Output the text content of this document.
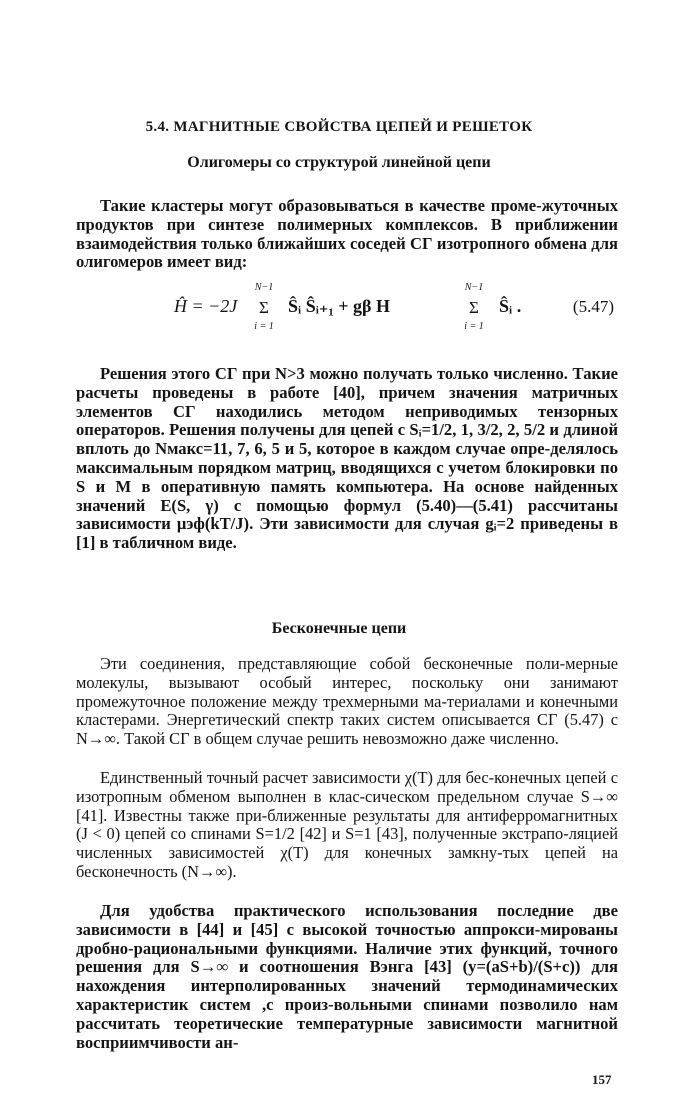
5.4. МАГНИТНЫЕ СВОЙСТВА ЦЕПЕЙ И РЕШЕТОК
Олигомеры со структурой линейной цепи

Такие кластеры могут образовываться в качестве проме-жуточных продуктов при синтезе полимерных комплексов. В приближении взаимодействия только ближайших соседей СГ изотропного обмена для олигомеров имеет вид:

Ĥ = −2J
N−1
Σ
i = 1
Ŝᵢ Ŝᵢ₊₁ + gβ H
N−1
Σ
i = 1
Ŝᵢ .	(5.47)

Решения этого СГ при N>3 можно получать только численно. Такие расчеты проведены в работе [40], причем значения матричных элементов СГ находились методом неприводимых тензорных операторов. Решения получены для цепей с Sᵢ=1/2, 1, 3/2, 2, 5/2 и длиной вплоть до Nмакс=11, 7, 6, 5 и 5, которое в каждом случае опре-делялось максимальным порядком матриц, вводящихся с учетом блокировки по S и M в оперативную память компьютера. На основе найденных значений E(S, γ) с помощью формул (5.40)—(5.41) рассчитаны зависимости μэф(kT/J). Эти зависимости для случая gᵢ=2 приведены в [1] в табличном виде.

Бесконечные цепи

Эти соединения, представляющие собой бесконечные поли-мерные молекулы, вызывают особый интерес, поскольку они занимают промежуточное положение между трехмерными ма-териалами и конечными кластерами. Энергетический спектр таких систем описывается СГ (5.47) с N→∞. Такой СГ в общем случае решить невозможно даже численно.

Единственный точный расчет зависимости χ(T) для бес-конечных цепей с изотропным обменом выполнен в клас-сическом предельном случае S→∞ [41]. Известны также при-ближенные результаты для антиферромагнитных (J < 0) цепей со спинами S=1/2 [42] и S=1 [43], полученные экстрапо-ляцией численных зависимостей χ(T) для конечных замкну-тых цепей на бесконечность (N→∞).

Для удобства практического использования последние две зависимости в [44] и [45] с высокой точностью аппрокси-мированы дробно-рациональными функциями. Наличие этих функций, точного решения для S→∞ и соотношения Вэнга [43] (y=(aS+b)/(S+c)) для нахождения интерполированных значений термодинамических характеристик систем ,с произ-вольными спинами позволило нам рассчитать теоретические температурные зависимости магнитной восприимчивости ан-

157
